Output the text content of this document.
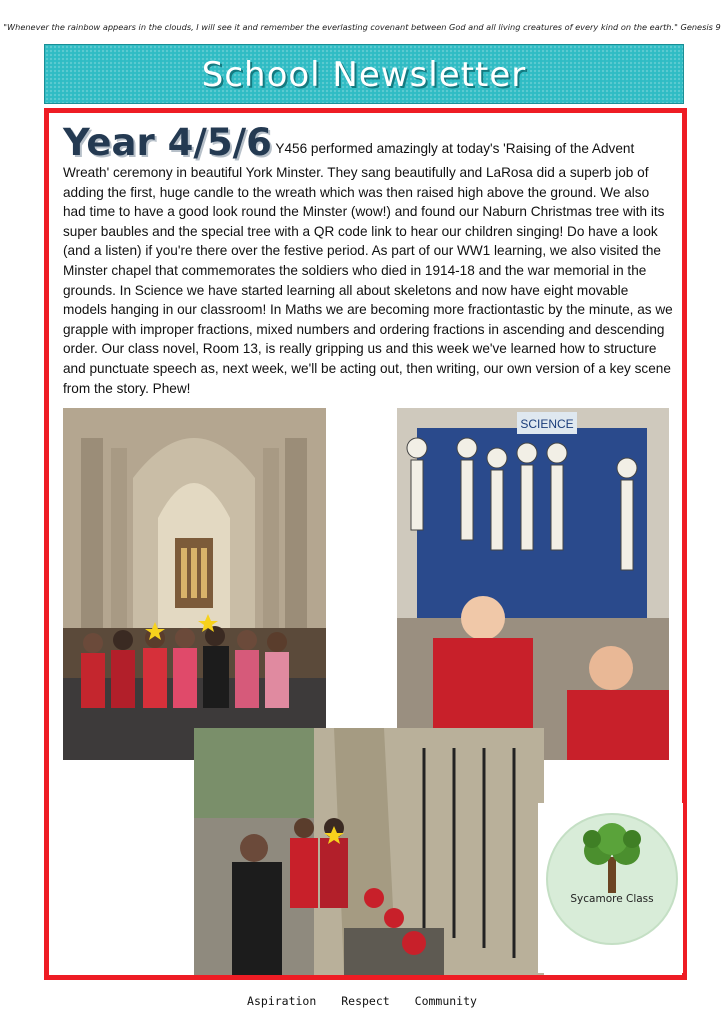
"Whenever the rainbow appears in the clouds, I will see it and remember the everlasting covenant between God and all living creatures of every kind on the earth." Genesis 9
School Newsletter
Year 4/5/6 Y456 performed amazingly at today's 'Raising of the Advent Wreath' ceremony in beautiful York Minster. They sang beautifully and LaRosa did a superb job of adding the first, huge candle to the wreath which was then raised high above the ground. We also had time to have a good look round the Minster (wow!) and found our Naburn Christmas tree with its super baubles and the special tree with a QR code link to hear our children singing! Do have a look (and a listen) if you're there over the festive period. As part of our WW1 learning, we also visited the Minster chapel that commemorates the soldiers who died in 1914-18 and the war memorial in the grounds. In Science we have started learning all about skeletons and now have eight movable models hanging in our classroom! In Maths we are becoming more fractiontastic by the minute, as we grapple with improper fractions, mixed numbers and ordering fractions in ascending and descending order. Our class novel, Room 13, is really gripping us and this week we've learned how to structure and punctuate speech as, next week, we'll be acting out, then writing, our own version of a key scene from the story. Phew!
SCIENCE
Sycamore Class
Aspiration Respect Community
